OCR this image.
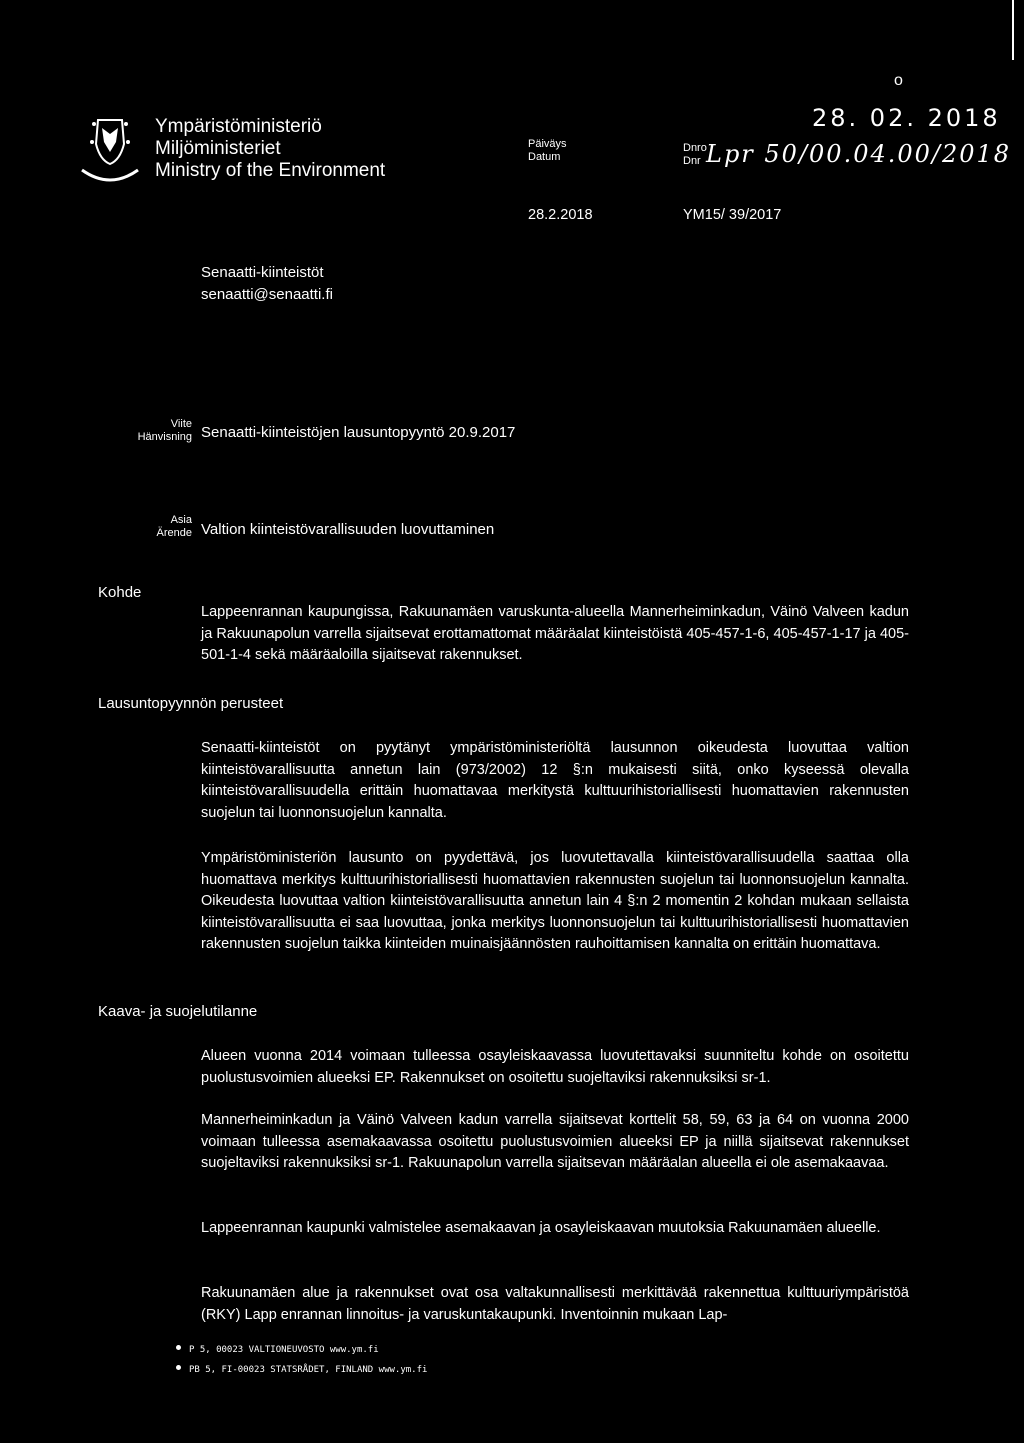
o
Ympäristöministeriö
Miljöministeriet
Ministry of the Environment
Päiväys
Datum
Dnro
Dnr
28. 02. 2018
Lpr 50/00.04.00/2018
28.2.2018	YM15/ 39/2017
Senaatti-kiinteistöt
senaatti@senaatti.fi
Viite
Hänvisning Senaatti-kiinteistöjen lausuntopyyntö 20.9.2017
Asia
Ärende Valtion kiinteistövarallisuuden luovuttaminen
Kohde
Lappeenrannan kaupungissa, Rakuunamäen varuskunta-alueella Mannerheiminkadun, Väinö Valveen kadun ja Rakuunapolun varrella sijaitsevat erottamattomat määräalat kiinteistöistä 405-457-1-6, 405-457-1-17 ja 405-501-1-4 sekä määräaloilla sijaitsevat rakennukset.
Lausuntopyynnön perusteet
Senaatti-kiinteistöt on pyytänyt ympäristöministeriöltä lausunnon oikeudesta luovuttaa valtion kiinteistövarallisuutta annetun lain (973/2002) 12 §:n mukaisesti siitä, onko kyseessä olevalla kiinteistövarallisuudella erittäin huomattavaa merkitystä kulttuurihistoriallisesti huomattavien rakennusten suojelun tai luonnonsuojelun kannalta.
Ympäristöministeriön lausunto on pyydettävä, jos luovutettavalla kiinteistövarallisuudella saattaa olla huomattava merkitys kulttuurihistoriallisesti huomattavien rakennusten suojelun tai luonnonsuojelun kannalta. Oikeudesta luovuttaa valtion kiinteistövarallisuutta annetun lain 4 §:n 2 momentin 2 kohdan mukaan sellaista kiinteistövarallisuutta ei saa luovuttaa, jonka merkitys luonnonsuojelun tai kulttuurihistoriallisesti huomattavien rakennusten suojelun taikka kiinteiden muinaisjäännösten rauhoittamisen kannalta on erittäin huomattava.
Kaava- ja suojelutilanne
Alueen vuonna 2014 voimaan tulleessa osayleiskaavassa luovutettavaksi suunniteltu kohde on osoitettu puolustusvoimien alueeksi EP. Rakennukset on osoitettu suojeltaviksi rakennuksiksi sr-1.
Mannerheiminkadun ja Väinö Valveen kadun varrella sijaitsevat korttelit 58, 59, 63 ja 64 on vuonna 2000 voimaan tulleessa asemakaavassa osoitettu puolustusvoimien alueeksi EP ja niillä sijaitsevat rakennukset suojeltaviksi rakennuksiksi sr-1. Rakuunapolun varrella sijaitsevan määräalan alueella ei ole asemakaavaa.
Lappeenrannan kaupunki valmistelee asemakaavan ja osayleiskaavan muutoksia Rakuunamäen alueelle.
Rakuunamäen alue ja rakennukset ovat osa valtakunnallisesti merkittävää rakennettua kulttuuriympäristöä (RKY) Lapp enrannan linnoitus- ja varuskuntakaupunki. Inventoinnin mukaan Lap-
P 5, 00023 VALTIONEUVOSTO www.ym.fi
PB 5, FI-00023 STATSRÅDET, FINLAND www.ym.fi
